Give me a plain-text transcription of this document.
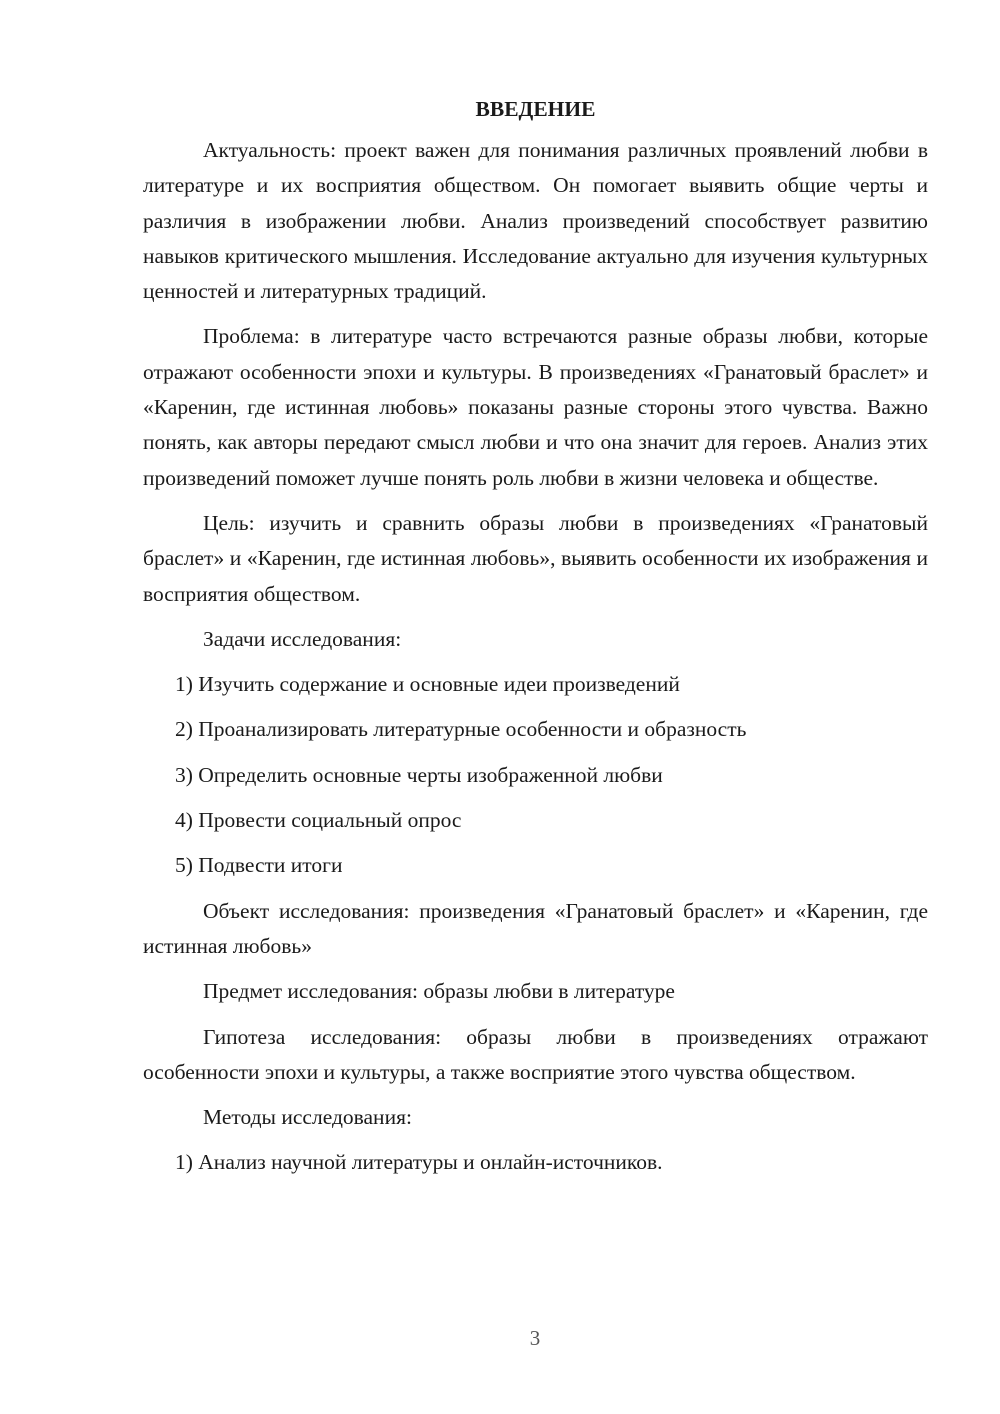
ВВЕДЕНИЕ

Актуальность: проект важен для понимания различных проявлений любви в литературе и их восприятия обществом. Он помогает выявить общие черты и различия в изображении любви. Анализ произведений способствует развитию навыков критического мышления. Исследование актуально для изучения культурных ценностей и литературных традиций.

Проблема: в литературе часто встречаются разные образы любви, которые отражают особенности эпохи и культуры. В произведениях «Гранатовый браслет» и «Каренин, где истинная любовь» показаны разные стороны этого чувства. Важно понять, как авторы передают смысл любви и что она значит для героев. Анализ этих произведений поможет лучше понять роль любви в жизни человека и обществе.

Цель: изучить и сравнить образы любви в произведениях «Гранатовый браслет» и «Каренин, где истинная любовь», выявить особенности их изображения и восприятия обществом.

Задачи исследования:

1) Изучить содержание и основные идеи произведений
2) Проанализировать литературные особенности и образность
3) Определить основные черты изображенной любви
4) Провести социальный опрос
5) Подвести итоги

Объект исследования: произведения «Гранатовый браслет» и «Каренин, где истинная любовь»

Предмет исследования: образы любви в литературе

Гипотеза исследования: образы любви в произведениях отражают особенности эпохи и культуры, а также восприятие этого чувства обществом.

Методы исследования:

1) Анализ научной литературы и онлайн-источников.
3
